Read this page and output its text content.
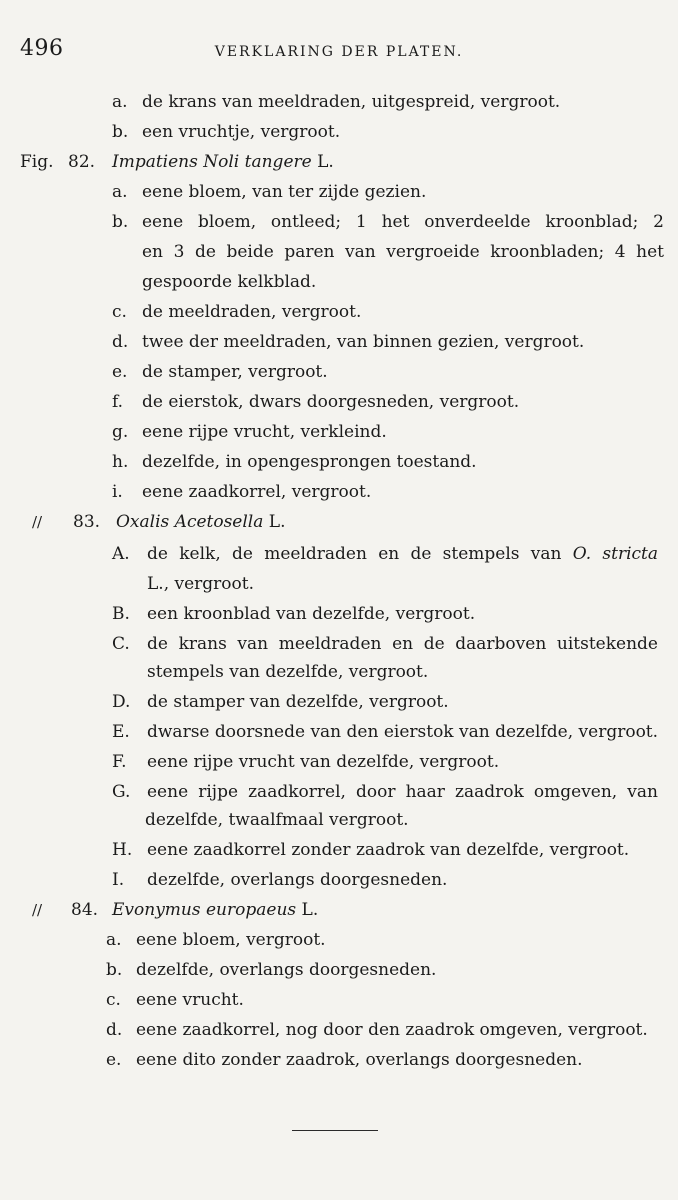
496	VERKLARING DER PLATEN.
a. de krans van meeldraden, uitgespreid, vergroot.
b. een vruchtje, vergroot.
Fig. 82. Impatiens Noli tangere L.
a. eene bloem, van ter zijde gezien.
b. eene bloem, ontleed; 1 het onverdeelde kroonblad; 2
en 3 de beide paren van vergroeide kroonbladen; 4 het
gespoorde kelkblad.
c. de meeldraden, vergroot.
d. twee der meeldraden, van binnen gezien, vergroot.
e. de stamper, vergroot.
f. de eierstok, dwars doorgesneden, vergroot.
g. eene rijpe vrucht, verkleind.
h. dezelfde, in opengesprongen toestand.
i. eene zaadkorrel, vergroot.
// 83. Oxalis Acetosella L.
A. de kelk, de meeldraden en de stempels van O. stricta
L., vergroot.
B. een kroonblad van dezelfde, vergroot.
C. de krans van meeldraden en de daarboven uitstekende
stempels van dezelfde, vergroot.
D. de stamper van dezelfde, vergroot.
E. dwarse doorsnede van den eierstok van dezelfde, vergroot.
F. eene rijpe vrucht van dezelfde, vergroot.
G. eene rijpe zaadkorrel, door haar zaadrok omgeven, van
dezelfde, twaalfmaal vergroot.
H. eene zaadkorrel zonder zaadrok van dezelfde, vergroot.
I. dezelfde, overlangs doorgesneden.
// 84. Evonymus europaeus L.
a. eene bloem, vergroot.
b. dezelfde, overlangs doorgesneden.
c. eene vrucht.
d. eene zaadkorrel, nog door den zaadrok omgeven, vergroot.
e. eene dito zonder zaadrok, overlangs doorgesneden.
